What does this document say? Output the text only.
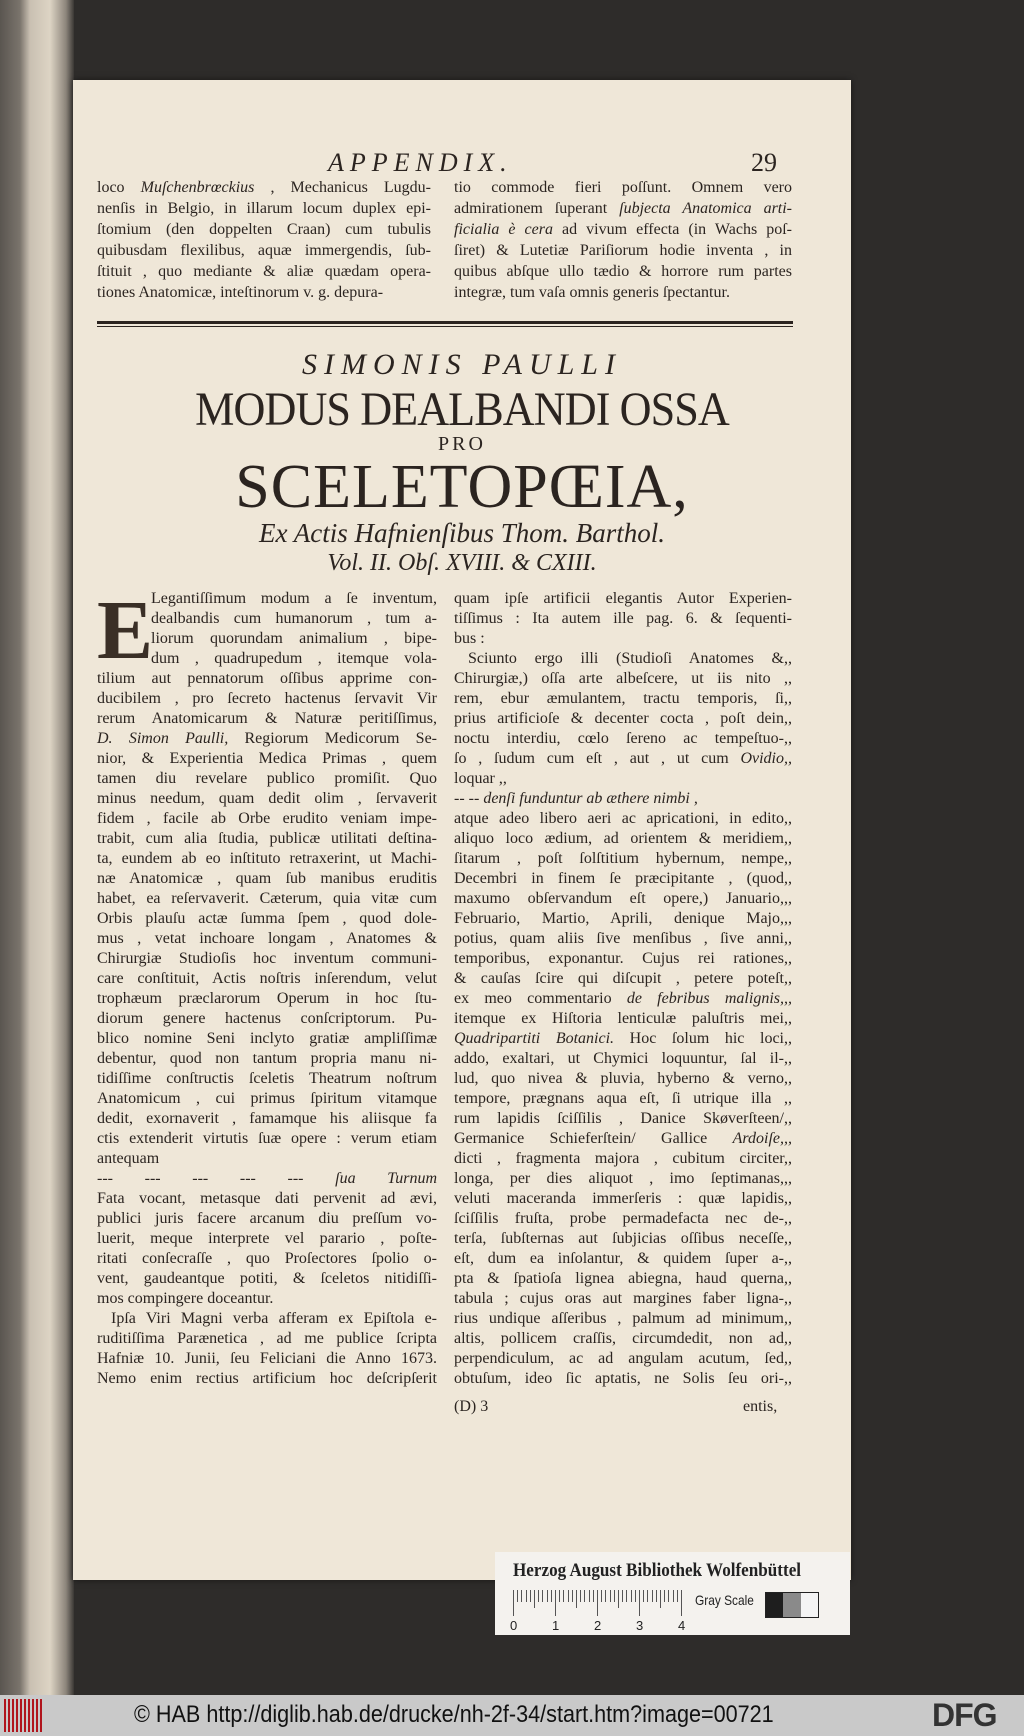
APPENDIX.	29
loco Muſchenbrœckius , Mechanicus Lugdu-
nenſis in Belgio, in illarum locum duplex epi-
ſtomium (den doppelten Craan) cum tubulis
quibusdam flexilibus, aquæ immergendis, ſub-
ſtituit , quo mediante & aliæ quædam opera-
tiones Anatomicæ, inteſtinorum v. g. depura-
tio commode fieri poſſunt. Omnem vero
admirationem ſuperant ſubjecta Anatomica arti-
ficialia è cera ad vivum effecta (in Wachs poſ-
ſiret) & Lutetiæ Pariſiorum hodie inventa , in
quibus abſque ullo tædio & horrore rum partes
integræ, tum vaſa omnis generis ſpectantur.
SIMONIS PAULLI
MODUS DEALBANDI OSSA
PRO
SCELETOPŒIA,
Ex Actis Hafnienſibus Thom. Barthol.
Vol. II. Obſ. XVIII. & CXIII.
E
Legantiſſimum modum a ſe inventum,
dealbandis cum humanorum , tum a-
liorum quorundam animalium , bipe-
dum , quadrupedum , itemque vola-
tilium aut pennatorum oſſibus apprime con-
ducibilem , pro ſecreto hactenus ſervavit Vir
rerum Anatomicarum & Naturæ peritiſſimus,
D. Simon Paulli, Regiorum Medicorum Se-
nior, & Experientia Medica Primas , quem
tamen diu revelare publico promiſit. Quo
minus needum, quam dedit olim , ſervaverit
fidem , facile ab Orbe erudito veniam impe-
trabit, cum alia ſtudia, publicæ utilitati deſtina-
ta, eundem ab eo inſtituto retraxerint, ut Machi-
næ Anatomicæ , quam ſub manibus eruditis
habet, ea reſervaverit. Cæterum, quia vitæ cum
Orbis plauſu actæ ſumma ſpem , quod dole-
mus , vetat inchoare longam , Anatomes &
Chirurgiæ Studioſis hoc inventum communi-
care conſtituit, Actis noſtris inſerendum, velut
trophæum præclarorum Operum in hoc ſtu-
diorum genere hactenus conſcriptorum. Pu-
blico nomine Seni inclyto gratiæ ampliſſimæ
debentur, quod non tantum propria manu ni-
tidiſſime conſtructis ſceletis Theatrum noſtrum
Anatomicum , cui primus ſpiritum vitamque
dedit, exornaverit , famamque his aliisque fa
ctis extenderit virtutis ſuæ opere : verum etiam
antequam
--- --- --- --- --- ſua Turnum
Fata vocant, metasque dati pervenit ad ævi,
publici juris facere arcanum diu preſſum vo-
luerit, meque interprete vel parario , poſte-
ritati conſecraſſe , quo Proſectores ſpolio o-
vent, gaudeantque potiti, & ſceletos nitidiſſi-
mos compingere doceantur.
Ipſa Viri Magni verba afferam ex Epiſtola e-
ruditiſſima Parænetica , ad me publice ſcripta
Hafniæ 10. Junii, ſeu Feliciani die Anno 1673.
Nemo enim rectius artificium hoc deſcripſerit
quam ipſe artificii elegantis Autor Experien-
tiſſimus : Ita autem ille pag. 6. & ſequenti-
bus :
Sciunto ergo illi (Studioſi Anatomes &,,
Chirurgiæ,) oſſa arte albeſcere, ut iis nito ,,
rem, ebur æmulantem, tractu temporis, ſi,,
prius artificioſe & decenter cocta , poſt dein,,
noctu interdiu, cœlo ſereno ac tempeſtuo-,,
ſo , ſudum cum eſt , aut , ut cum Ovidio,,
loquar ,,
-- -- denſi funduntur ab æthere nimbi ,
atque adeo libero aeri ac apricationi, in edito,,
aliquo loco ædium, ad orientem & meridiem,,
ſitarum , poſt ſolſtitium hybernum, nempe,,
Decembri in finem ſe præcipitante , (quod,,
maxumo obſervandum eſt opere,) Januario,,,
Februario, Martio, Aprili, denique Majo,,,
potius, quam aliis ſive menſibus , ſive anni,,
temporibus, exponantur. Cujus rei rationes,,
& cauſas ſcire qui diſcupit , petere poteſt,,
ex meo commentario de febribus malignis,,,
itemque ex Hiſtoria lenticulæ paluſtris mei,,
Quadripartiti Botanici. Hoc ſolum hic loci,,
addo, exaltari, ut Chymici loquuntur, ſal il-,,
lud, quo nivea & pluvia, hyberno & verno,,
tempore, prægnans aqua eſt, ſi utrique illa ,,
rum lapidis ſciſſilis , Danice Skøverſteen/,,
Germanice Schieferſtein/ Gallice Ardoiſe,,,
dicti , fragmenta majora , cubitum circiter,,
longa, per dies aliquot , imo ſeptimanas,,,
veluti maceranda immerſeris : quæ lapidis,,
ſciſſilis fruſta, probe permadefacta nec de-,,
terſa, ſubſternas aut ſubjicias oſſibus neceſſe,,
eſt, dum ea inſolantur, & quidem ſuper a-,,
pta & ſpatioſa lignea abiegna, haud querna,,
tabula ; cujus oras aut margines faber ligna-,,
rius undique aſſeribus , palmum ad minimum,,
altis, pollicem craſſis, circumdedit, non ad,,
perpendiculum, ac ad angulam acutum, ſed,,
obtuſum, ideo ſic aptatis, ne Solis ſeu ori-,,
(D) 3	entis,
Herzog August Bibliothek Wolfenbüttel
0	1	2	3	4
Gray Scale
© HAB http://diglib.hab.de/drucke/nh-2f-34/start.htm?image=00721	DFG
